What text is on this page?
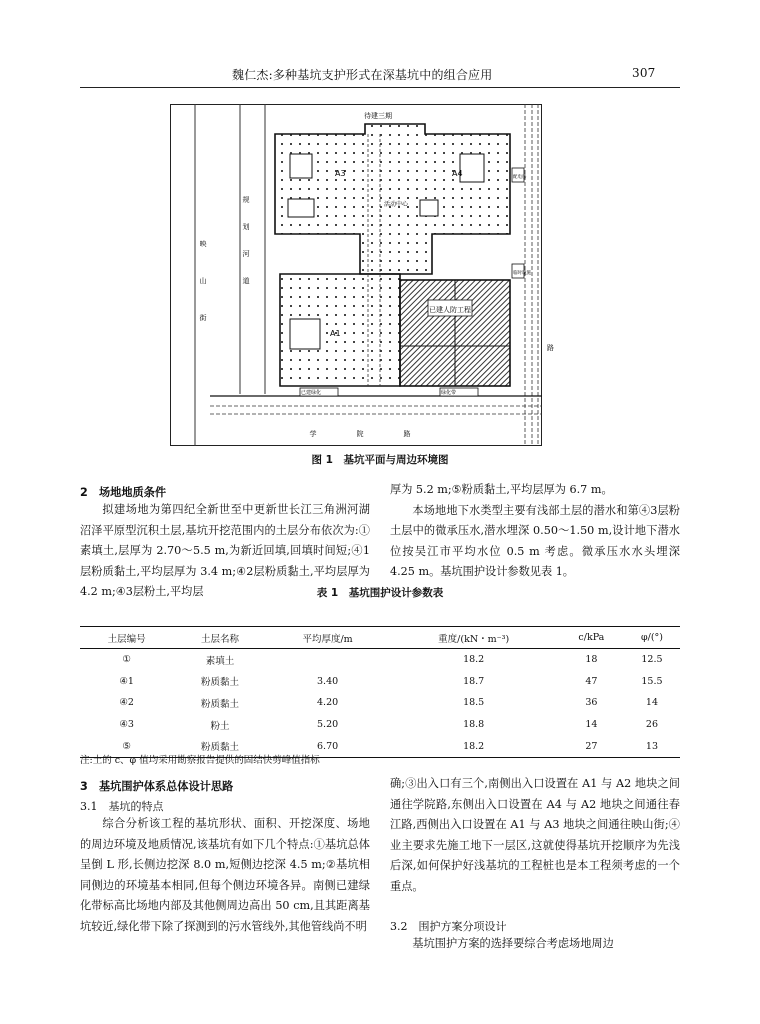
魏仁杰:多种基坑支护形式在深基坑中的组合应用	307
已建人防工程
待建三期
A3	A4
A1
活动中心
映山街	规划河道
路
配电房
临时设施
已建绿化	绿化带
学院路
图 1　基坑平面与周边环境图
2　场地地质条件

拟建场地为第四纪全新世至中更新世长江三角洲河湖沼泽平原型沉积土层,基坑开挖范围内的土层分布依次为:①素填土,层厚为 2.70～5.5 m,为新近回填,回填时间短;④1层粉质黏土,平均层厚为 3.4 m;④2层粉质黏土,平均层厚为 4.2 m;④3层粉土,平均层

厚为 5.2 m;⑤粉质黏土,平均层厚为 6.7 m。

本场地地下水类型主要有浅部土层的潜水和第④3层粉土层中的微承压水,潜水埋深 0.50～1.50 m,设计地下潜水位按吴江市平均水位 0.5 m 考虑。微承压水水头埋深 4.25 m。基坑围护设计参数见表 1。

表 1　基坑围护设计参数表
土层编号	土层名称	平均厚度/m	重度/(kN・m⁻³)	c/kPa	φ/(°)
①	素填土		18.2	18	12.5
④1	粉质黏土	3.40	18.7	47	15.5
④2	粉质黏土	4.20	18.5	36	14
④3	粉土	5.20	18.8	14	26
⑤	粉质黏土	6.70	18.2	27	13
注:土的 c、φ 值均采用勘察报告提供的固结快剪峰值指标
3　基坑围护体系总体设计思路
3.1　基坑的特点

综合分析该工程的基坑形状、面积、开挖深度、场地的周边环境及地质情况,该基坑有如下几个特点:①基坑总体呈倒 L 形,长侧边挖深 8.0 m,短侧边挖深 4.5 m;②基坑相同侧边的环境基本相同,但每个侧边环境各异。南侧已建绿化带标高比场地内部及其他侧周边高出 50 cm,且其距离基坑较近,绿化带下除了探测到的污水管线外,其他管线尚不明

确;③出入口有三个,南侧出入口设置在 A1 与 A2 地块之间通往学院路,东侧出入口设置在 A4 与 A2 地块之间通往春江路,西侧出入口设置在 A1 与 A3 地块之间通往映山街;④业主要求先施工地下一层区,这就使得基坑开挖顺序为先浅后深,如何保护好浅基坑的工程桩也是本工程须考虑的一个重点。

3.2　围护方案分项设计

基坑围护方案的选择要综合考虑场地周边
